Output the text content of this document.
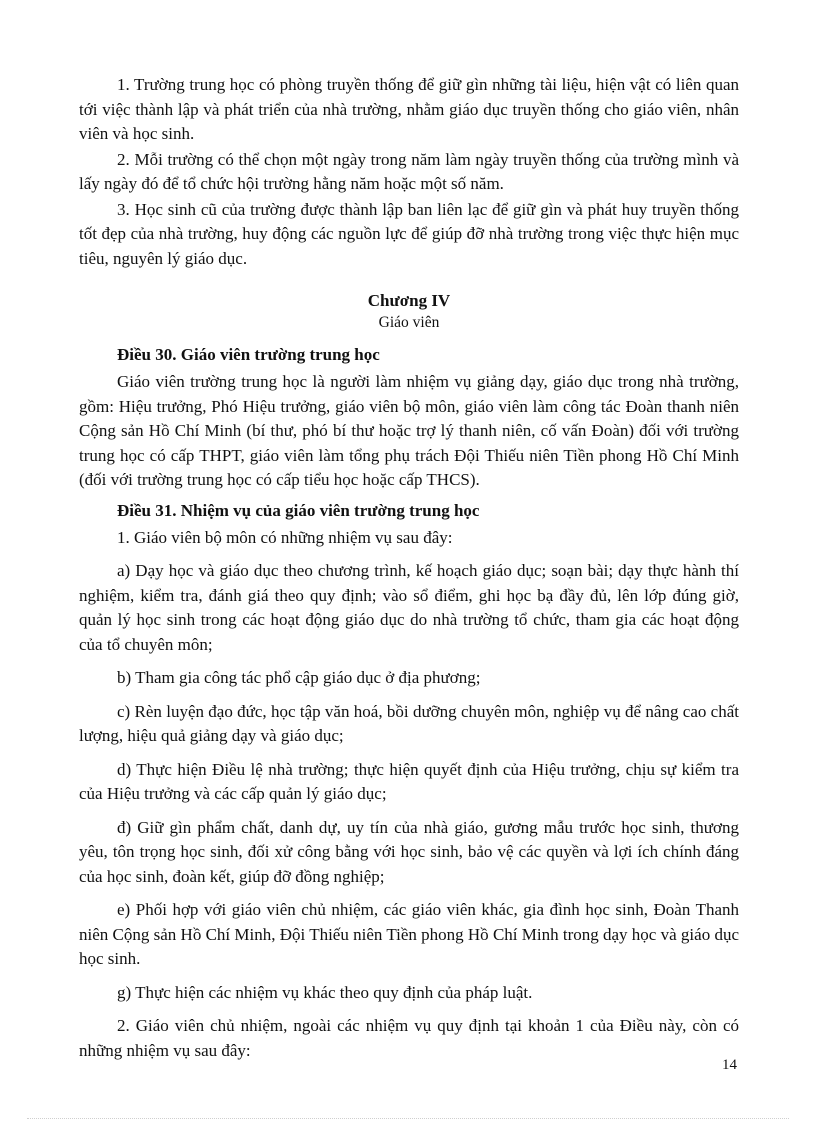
1. Trường trung học có phòng truyền thống để giữ gìn những tài liệu, hiện vật có liên quan tới việc thành lập và phát triển của nhà trường, nhằm giáo dục truyền thống cho giáo viên, nhân viên và học sinh.

2. Mỗi trường có thể chọn một ngày trong năm làm ngày truyền thống của trường mình và lấy ngày đó để tổ chức hội trường hằng năm hoặc một số năm.

3. Học sinh cũ của trường được thành lập ban liên lạc để giữ gìn và phát huy truyền thống tốt đẹp của nhà trường, huy động các nguồn lực để giúp đỡ nhà trường trong việc thực hiện mục tiêu, nguyên lý giáo dục.

Chương IV
Giáo viên
Điều 30. Giáo viên trường trung học

Giáo viên trường trung học là người làm nhiệm vụ giảng dạy, giáo dục trong nhà trường, gồm: Hiệu trưởng, Phó Hiệu trưởng, giáo viên bộ môn, giáo viên làm công tác Đoàn thanh niên Cộng sản Hồ Chí Minh (bí thư, phó bí thư hoặc trợ lý thanh niên, cố vấn Đoàn) đối với trường trung học có cấp THPT, giáo viên làm tổng phụ trách Đội Thiếu niên Tiền phong Hồ Chí Minh (đối với trường trung học có cấp tiểu học hoặc cấp THCS).

Điều 31. Nhiệm vụ của giáo viên trường trung học

1. Giáo viên bộ môn có những nhiệm vụ sau đây:

a) Dạy học và giáo dục theo chương trình, kế hoạch giáo dục; soạn bài; dạy thực hành thí nghiệm, kiểm tra, đánh giá theo quy định; vào sổ điểm, ghi học bạ đầy đủ, lên lớp đúng giờ, quản lý học sinh trong các hoạt động giáo dục do nhà trường tổ chức, tham gia các hoạt động của tổ chuyên môn;

b) Tham gia công tác phổ cập giáo dục ở địa phương;

c) Rèn luyện đạo đức, học tập văn hoá, bồi dưỡng chuyên môn, nghiệp vụ để nâng cao chất lượng, hiệu quả giảng dạy và giáo dục;

d) Thực hiện Điều lệ nhà trường; thực hiện quyết định của Hiệu trưởng, chịu sự kiểm tra của Hiệu trưởng và các cấp quản lý giáo dục;

đ) Giữ gìn phẩm chất, danh dự, uy tín của nhà giáo, gương mẫu trước học sinh, thương yêu, tôn trọng học sinh, đối xử công bằng với học sinh, bảo vệ các quyền và lợi ích chính đáng của học sinh, đoàn kết, giúp đỡ đồng nghiệp;

e) Phối hợp với giáo viên chủ nhiệm, các giáo viên khác, gia đình học sinh, Đoàn Thanh niên Cộng sản Hồ Chí Minh, Đội Thiếu niên Tiền phong Hồ Chí Minh trong dạy học và giáo dục học sinh.

g) Thực hiện các nhiệm vụ khác theo quy định của pháp luật.

2. Giáo viên chủ nhiệm, ngoài các nhiệm vụ quy định tại khoản 1 của Điều này, còn có những nhiệm vụ sau đây:

14
